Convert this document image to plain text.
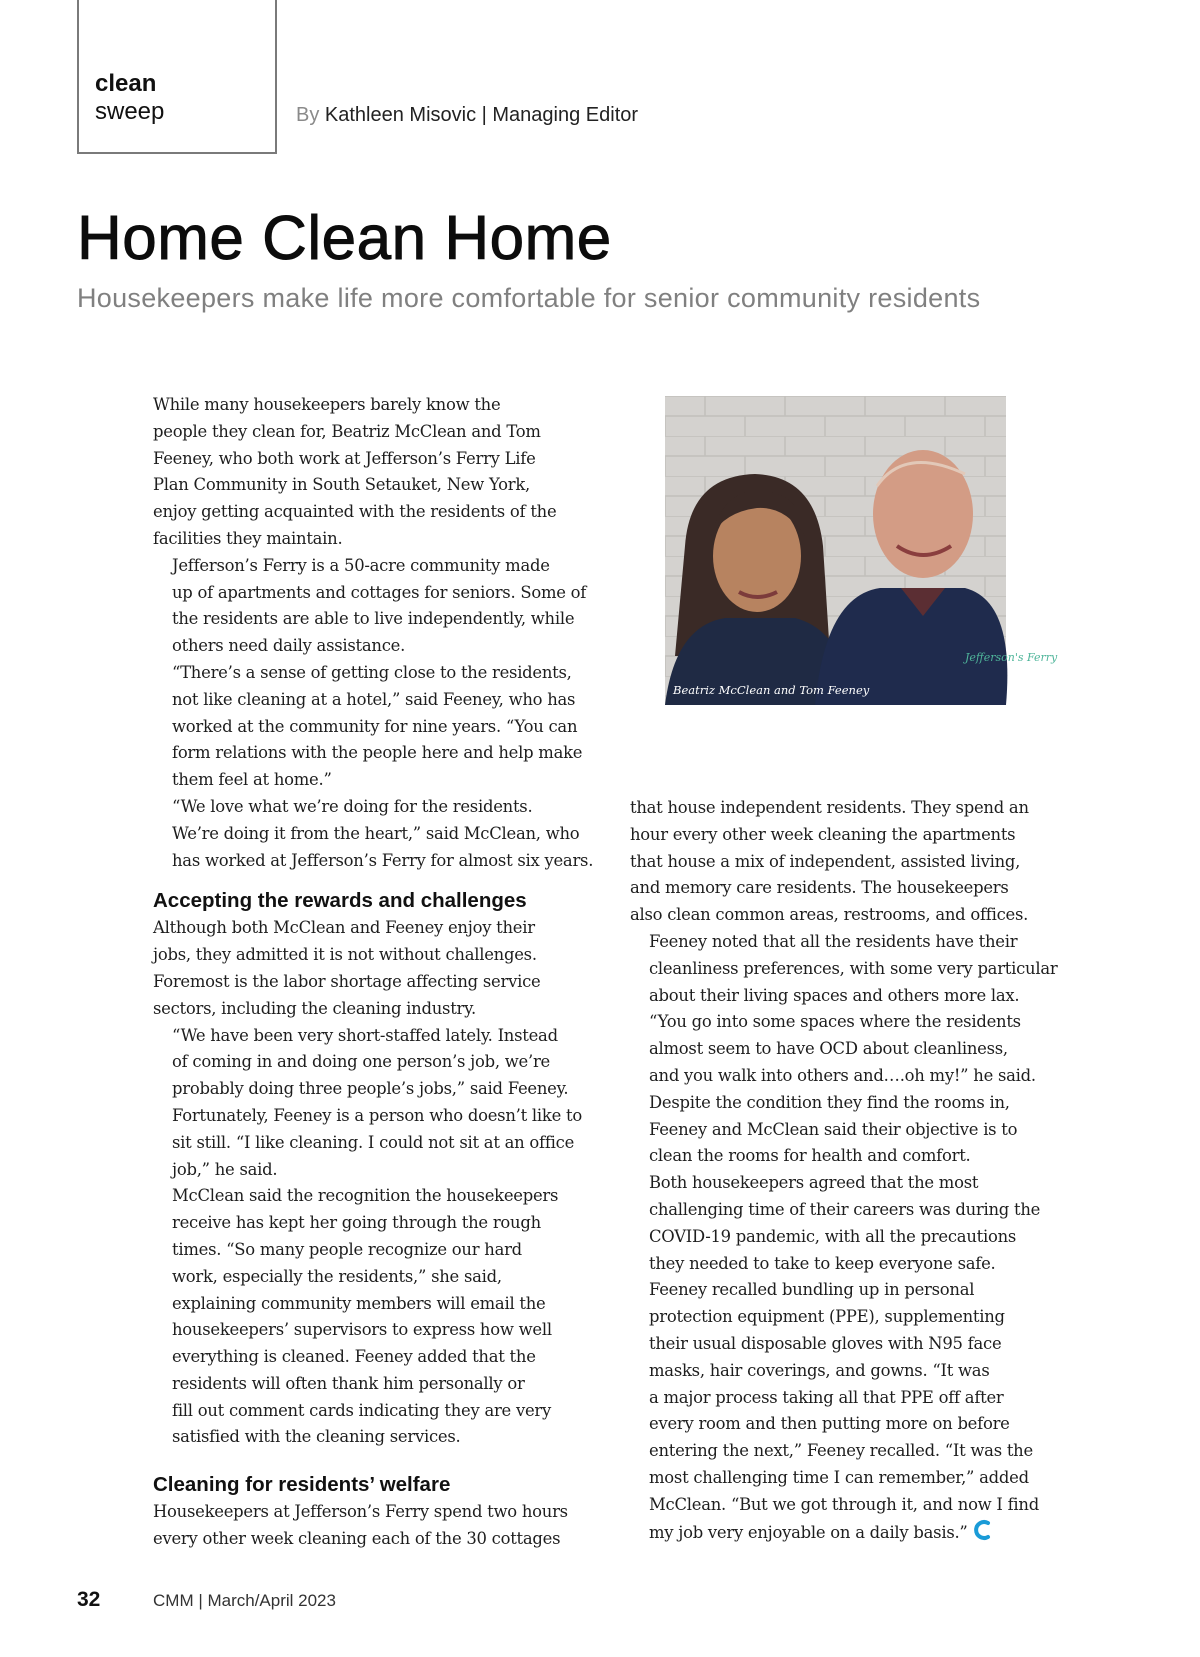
clean
sweep	By Kathleen Misovic | Managing Editor
Home Clean Home
Housekeepers make life more comfortable for senior community residents

While many housekeepers barely know the
people they clean for, Beatriz McClean and Tom
Feeney, who both work at Jefferson’s Ferry Life
Plan Community in South Setauket, New York,
enjoy getting acquainted with the residents of the
facilities they maintain.

Jefferson’s Ferry is a 50-acre community made
up of apartments and cottages for seniors. Some of
the residents are able to live independently, while
others need daily assistance.

“There’s a sense of getting close to the residents,
not like cleaning at a hotel,” said Feeney, who has
worked at the community for nine years. “You can
form relations with the people here and help make
them feel at home.”

“We love what we’re doing for the residents.
We’re doing it from the heart,” said McClean, who
has worked at Jefferson’s Ferry for almost six years.

Accepting the rewards and challenges

Although both McClean and Feeney enjoy their
jobs, they admitted it is not without challenges.
Foremost is the labor shortage affecting service
sectors, including the cleaning industry.

“We have been very short-staffed lately. Instead
of coming in and doing one person’s job, we’re
probably doing three people’s jobs,” said Feeney.
Fortunately, Feeney is a person who doesn’t like to
sit still. “I like cleaning. I could not sit at an office
job,” he said.

McClean said the recognition the housekeepers
receive has kept her going through the rough
times. “So many people recognize our hard
work, especially the residents,” she said,
explaining community members will email the
housekeepers’ supervisors to express how well
everything is cleaned. Feeney added that the
residents will often thank him personally or
fill out comment cards indicating they are very
satisfied with the cleaning services.

Cleaning for residents’ welfare

Housekeepers at Jefferson’s Ferry spend two hours
every other week cleaning each of the 30 cottages

Jefferson's Ferry
Beatriz McClean and Tom Feeney

that house independent residents. They spend an
hour every other week cleaning the apartments
that house a mix of independent, assisted living,
and memory care residents. The housekeepers
also clean common areas, restrooms, and offices.

Feeney noted that all the residents have their
cleanliness preferences, with some very particular
about their living spaces and others more lax.
“You go into some spaces where the residents
almost seem to have OCD about cleanliness,
and you walk into others and….oh my!” he said.
Despite the condition they find the rooms in,
Feeney and McClean said their objective is to
clean the rooms for health and comfort.

Both housekeepers agreed that the most
challenging time of their careers was during the
COVID-19 pandemic, with all the precautions
they needed to take to keep everyone safe.
Feeney recalled bundling up in personal
protection equipment (PPE), supplementing
their usual disposable gloves with N95 face
masks, hair coverings, and gowns. “It was
a major process taking all that PPE off after
every room and then putting more on before
entering the next,” Feeney recalled. “It was the
most challenging time I can remember,” added
McClean. “But we got through it, and now I find
my job very enjoyable on a daily basis.”

32	CMM | March/April 2023
